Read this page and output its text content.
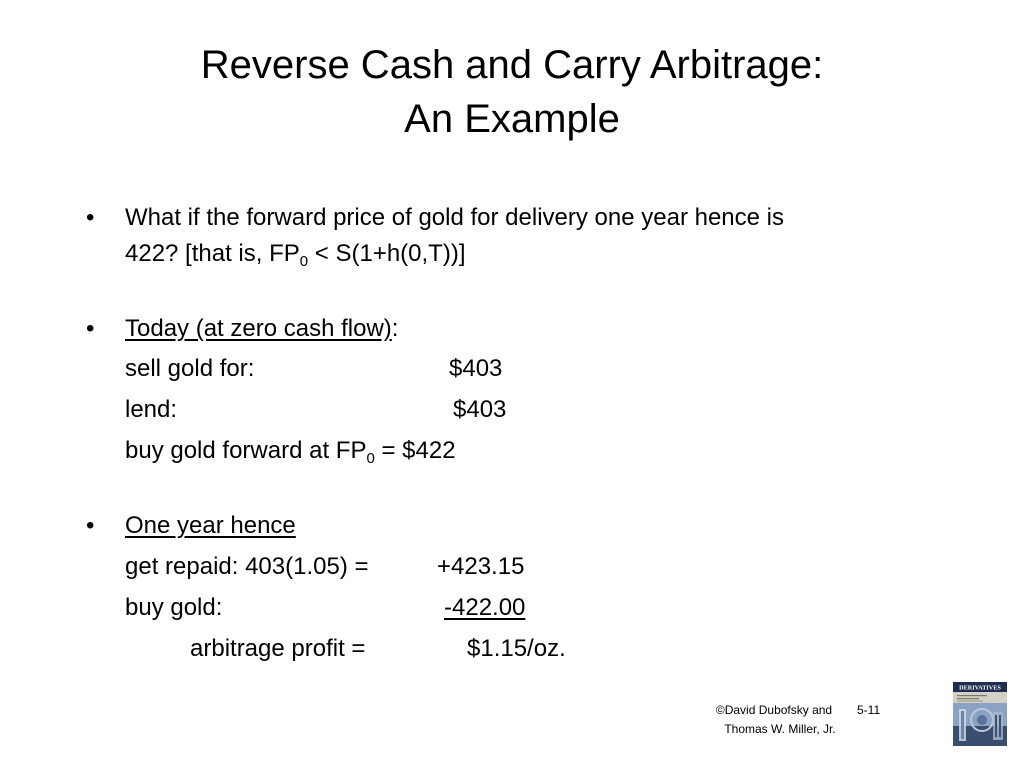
Reverse Cash and Carry Arbitrage:
An Example
• What if the forward price of gold for delivery one year hence is
422? [that is, $FP_0 < S(1+h(0,T))$]
• Today (at zero cash flow):
sell gold for:	$403
lend:	$403
buy gold forward at $FP_0$ = $422
• One year hence
get repaid: 403(1.05) =	+423.15
buy gold:	-422.00
arbitrage profit =	$1.15/oz.
©David Dubofsky and
Thomas W. Miller, Jr.
5-11
DERIVATIVES
